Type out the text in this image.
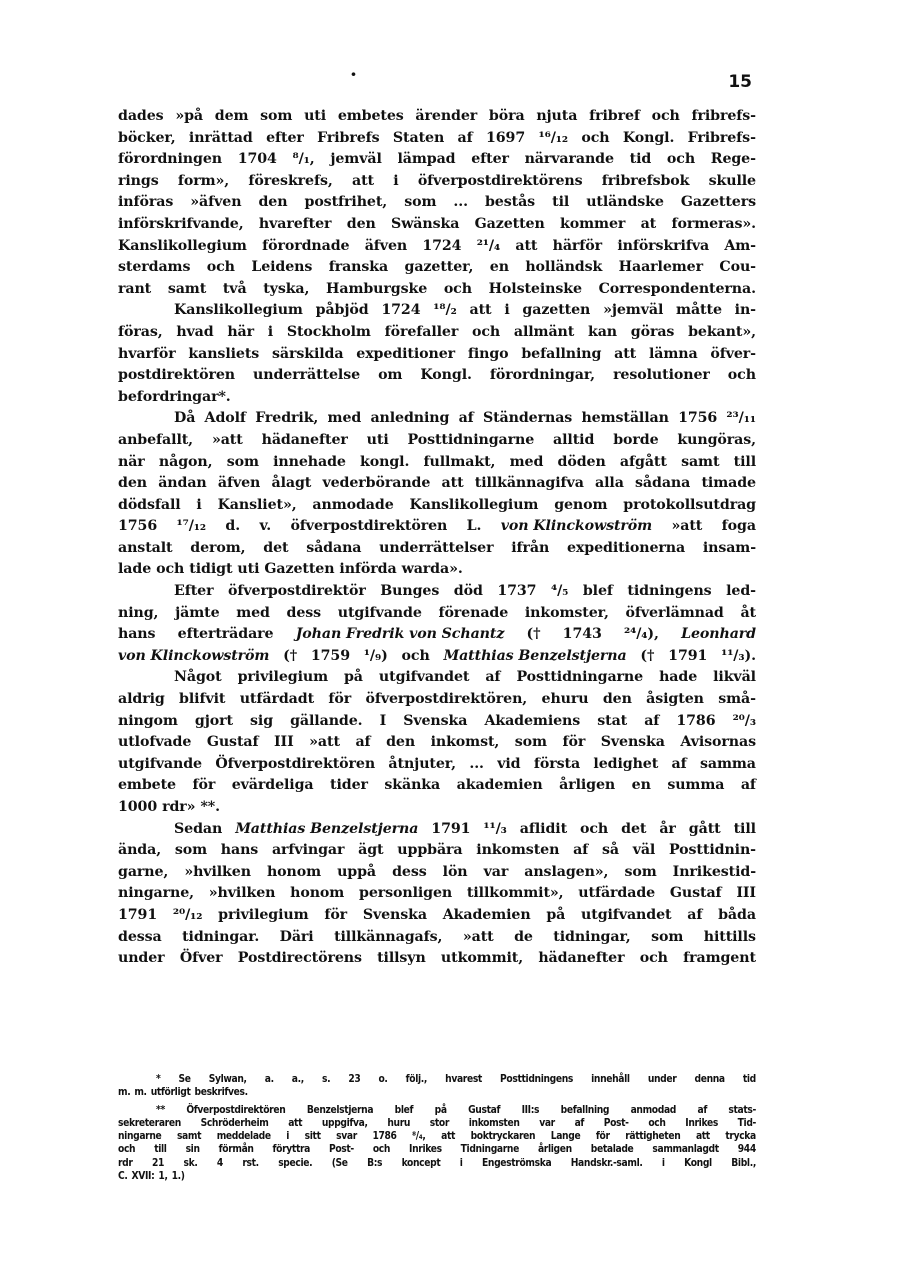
·	15
dades »på dem som uti embetes ärender böra njuta fribref och fribrefs-
böcker, inrättad efter Fribrefs Staten af 1697 ¹⁶/₁₂ och Kongl. Fribrefs-
förordningen 1704 ⁸/₁, jemväl lämpad efter närvarande tid och Rege-
rings form», föreskrefs, att i öfverpostdirektörens fribrefsbok skulle
införas »äfven den postfrihet, som ... bestås til utländske Gazetters
införskrifvande, hvarefter den Swänska Gazetten kommer at formeras».
Kanslikollegium förordnade äfven 1724 ²¹/₄ att härför införskrifva Am-
sterdams och Leidens franska gazetter, en holländsk Haarlemer Cou-
rant samt två tyska, Hamburgske och Holsteinske Correspondenterna.
Kanslikollegium påbjöd 1724 ¹⁸/₂ att i gazetten »jemväl måtte in-
föras, hvad här i Stockholm förefaller och allmänt kan göras bekant»,
hvarför kansliets särskilda expeditioner fingo befallning att lämna öfver-
postdirektören underrättelse om Kongl. förordningar, resolutioner och
befordringar*.
Då Adolf Fredrik, med anledning af Ständernas hemställan 1756 ²³/₁₁
anbefallt, »att hädanefter uti Posttidningarne alltid borde kungöras,
när någon, som innehade kongl. fullmakt, med döden afgått samt till
den ändan äfven ålagt vederbörande att tillkännagifva alla sådana timade
dödsfall i Kansliet», anmodade Kanslikollegium genom protokollsutdrag
1756 ¹⁷/₁₂ d. v. öfverpostdirektören L. von Klinckowström »att foga
anstalt derom, det sådana underrättelser ifrån expeditionerna insam-
lade och tidigt uti Gazetten införda warda».
Efter öfverpostdirektör Bunges död 1737 ⁴/₅ blef tidningens led-
ning, jämte med dess utgifvande förenade inkomster, öfverlämnad åt
hans efterträdare Johan Fredrik von Schantz († 1743 ²⁴/₄), Leonhard
von Klinckowström († 1759 ¹/₉) och Matthias Benzelstjerna († 1791 ¹¹/₃).
Något privilegium på utgifvandet af Posttidningarne hade likväl
aldrig blifvit utfärdadt för öfverpostdirektören, ehuru den åsigten små-
ningom gjort sig gällande. I Svenska Akademiens stat af 1786 ²⁰/₃
utlofvade Gustaf III »att af den inkomst, som för Svenska Avisornas
utgifvande Öfverpostdirektören åtnjuter, ... vid första ledighet af samma
embete för evärdeliga tider skänka akademien årligen en summa af
1000 rdr» **.
Sedan Matthias Benzelstjerna 1791 ¹¹/₃ aflidit och det år gått till
ända, som hans arfvingar ägt uppbära inkomsten af så väl Posttidnin-
garne, »hvilken honom uppå dess lön var anslagen», som Inrikestid-
ningarne, »hvilken honom personligen tillkommit», utfärdade Gustaf III
1791 ²⁰/₁₂ privilegium för Svenska Akademien på utgifvandet af båda
dessa tidningar. Däri tillkännagafs, »att de tidningar, som hittills
under Öfver Postdirectörens tillsyn utkommit, hädanefter och framgent
* Se Sylwan, a. a., s. 23 o. följ., hvarest Posttidningens innehåll under denna tid
m. m. utförligt beskrifves.
** Öfverpostdirektören Benzelstjerna blef på Gustaf III:s befallning anmodad af stats-
sekreteraren Schröderheim att uppgifva, huru stor inkomsten var af Post- och Inrikes Tid-
ningarne samt meddelade i sitt svar 1786 ⁸/₄, att boktryckaren Lange för rättigheten att trycka
och till sin förmån föryttra Post- och Inrikes Tidningarne årligen betalade sammanlagdt 944
rdr 21 sk. 4 rst. specie. (Se B:s koncept i Engeströmska Handskr.-saml. i Kongl Bibl.,
C. XVII: 1, 1.)
